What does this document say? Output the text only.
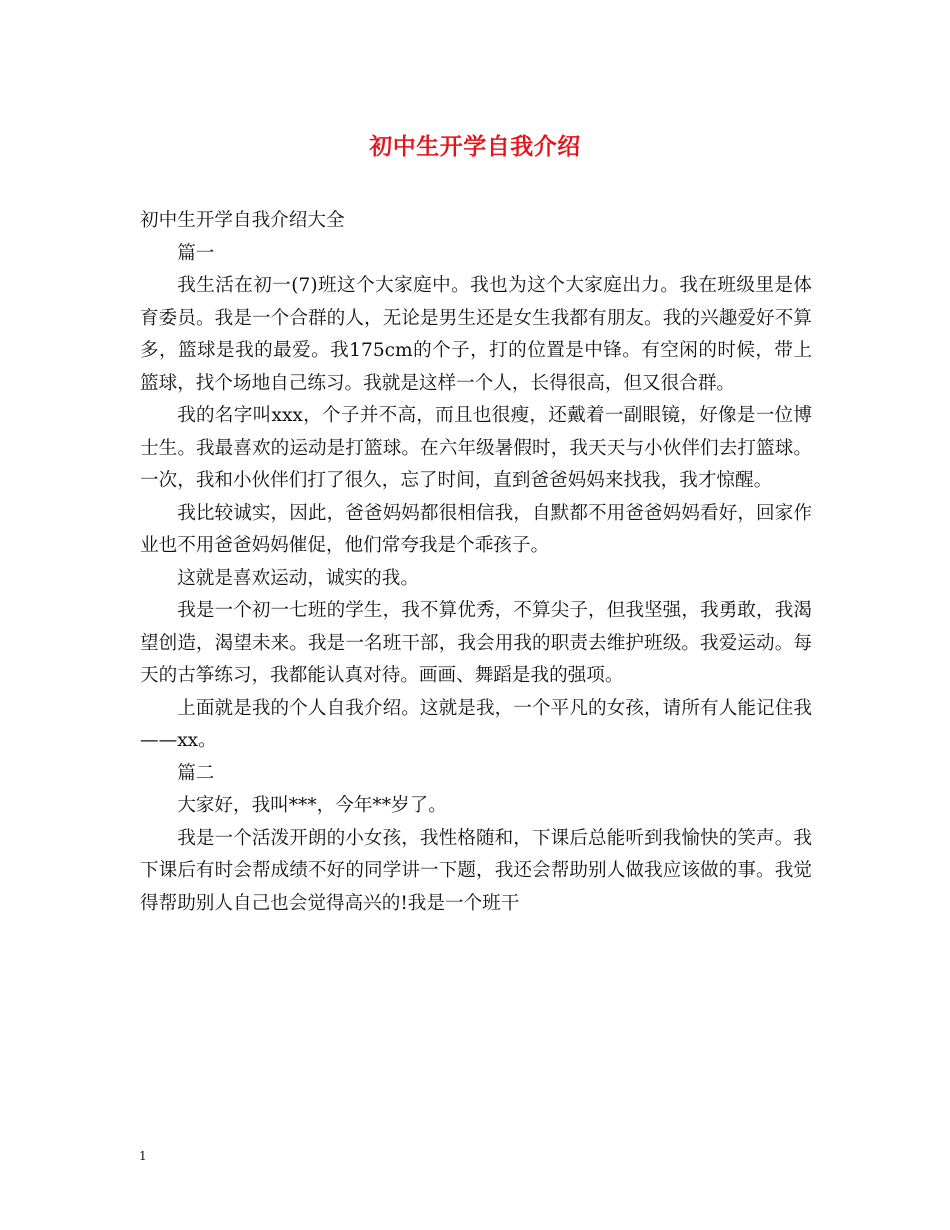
初中生开学自我介绍

初中生开学自我介绍大全

篇一

我生活在初一(7)班这个大家庭中。我也为这个大家庭出力。我在班级里是体育委员。我是一个合群的人，无论是男生还是女生我都有朋友。我的兴趣爱好不算多，篮球是我的最爱。我175cm的个子，打的位置是中锋。有空闲的时候，带上篮球，找个场地自己练习。我就是这样一个人，长得很高，但又很合群。

我的名字叫xxx，个子并不高，而且也很瘦，还戴着一副眼镜，好像是一位博士生。我最喜欢的运动是打篮球。在六年级暑假时，我天天与小伙伴们去打篮球。一次，我和小伙伴们打了很久，忘了时间，直到爸爸妈妈来找我，我才惊醒。

我比较诚实，因此，爸爸妈妈都很相信我，自默都不用爸爸妈妈看好，回家作业也不用爸爸妈妈催促，他们常夸我是个乖孩子。

这就是喜欢运动，诚实的我。

我是一个初一七班的学生，我不算优秀，不算尖子，但我坚强，我勇敢，我渴望创造，渴望未来。我是一名班干部，我会用我的职责去维护班级。我爱运动。每天的古筝练习，我都能认真对待。画画、舞蹈是我的强项。

上面就是我的个人自我介绍。这就是我，一个平凡的女孩，请所有人能记住我——xx。

篇二

大家好，我叫***，今年**岁了。

我是一个活泼开朗的小女孩，我性格随和，下课后总能听到我愉快的笑声。我下课后有时会帮成绩不好的同学讲一下题，我还会帮助别人做我应该做的事。我觉得帮助别人自己也会觉得高兴的!我是一个班干

1
